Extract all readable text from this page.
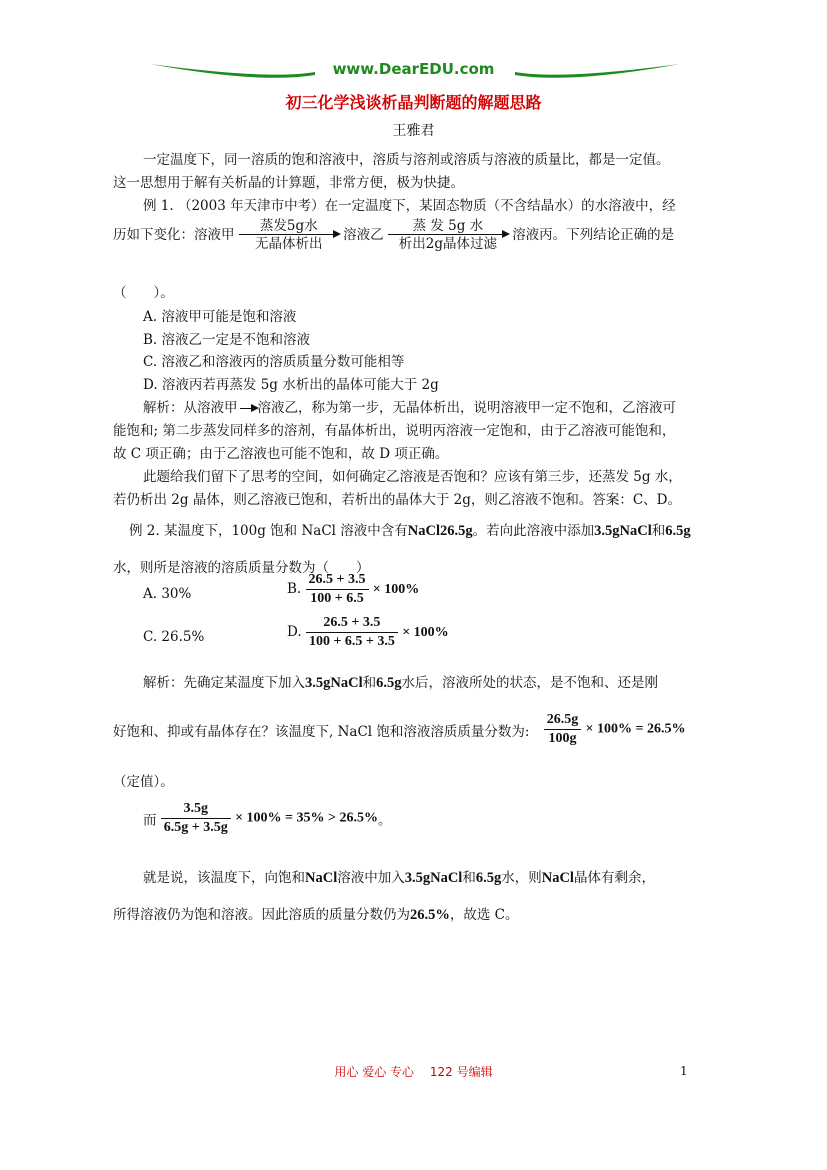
www.DearEDU.com
初三化学浅谈析晶判断题的解题思路
王雅君
一定温度下，同一溶质的饱和溶液中，溶质与溶剂或溶质与溶液的质量比，都是一定值。
这一思想用于解有关析晶的计算题，非常方便，极为快捷。
例 1. （2003 年天津市中考）在一定温度下，某固态物质（不含结晶水）的水溶液中，经
历如下变化：溶液甲
蒸发5g水
无晶体析出
溶液乙
蒸 发 5g 水
析出2g晶体过滤
溶液丙。下列结论正确的是
（　　）。
A. 溶液甲可能是饱和溶液
B. 溶液乙一定是不饱和溶液
C. 溶液乙和溶液丙的溶质质量分数可能相等
D. 溶液丙若再蒸发 5g 水析出的晶体可能大于 2g
解析：从溶液甲 溶液乙，称为第一步，无晶体析出，说明溶液甲一定不饱和，乙溶液可
能饱和; 第二步蒸发同样多的溶剂，有晶体析出，说明丙溶液一定饱和，由于乙溶液可能饱和，
故 C 项正确；由于乙溶液也可能不饱和，故 D 项正确。
此题给我们留下了思考的空间，如何确定乙溶液是否饱和？应该有第三步，还蒸发 5g 水，
若仍析出 2g 晶体，则乙溶液已饱和，若析出的晶体大于 2g，则乙溶液不饱和。答案：C、D。
例 2. 某温度下，100g 饱和 NaCl 溶液中含有NaCl26.5g。若向此溶液中添加3.5gNaCl和6.5g
水，则所是溶液的溶质质量分数为（　　）
A. 30%	B. $\frac{26.5 + 3.5}{100 + 6.5} \times 100\%$
C. 26.5%	D. $\frac{26.5 + 3.5}{100 + 6.5 + 3.5} \times 100\%$
解析：先确定某温度下加入3.5gNaCl和6.5g水后，溶液所处的状态，是不饱和、还是刚
好饱和、抑或有晶体存在？该温度下, NaCl 饱和溶液溶质质量分数为: $\frac{26.5g}{100g} \times 100\% = 26.5\%$
（定值）。
而 $\frac{3.5g}{6.5g + 3.5g} \times 100\% = 35\% > 26.5\%$。
就是说，该温度下，向饱和NaCl溶液中加入3.5gNaCl和6.5g水，则NaCl晶体有剩余，
所得溶液仍为饱和溶液。因此溶质的质量分数仍为26.5%，故选 C。
用心 爱心 专心　 122 号编辑	1
